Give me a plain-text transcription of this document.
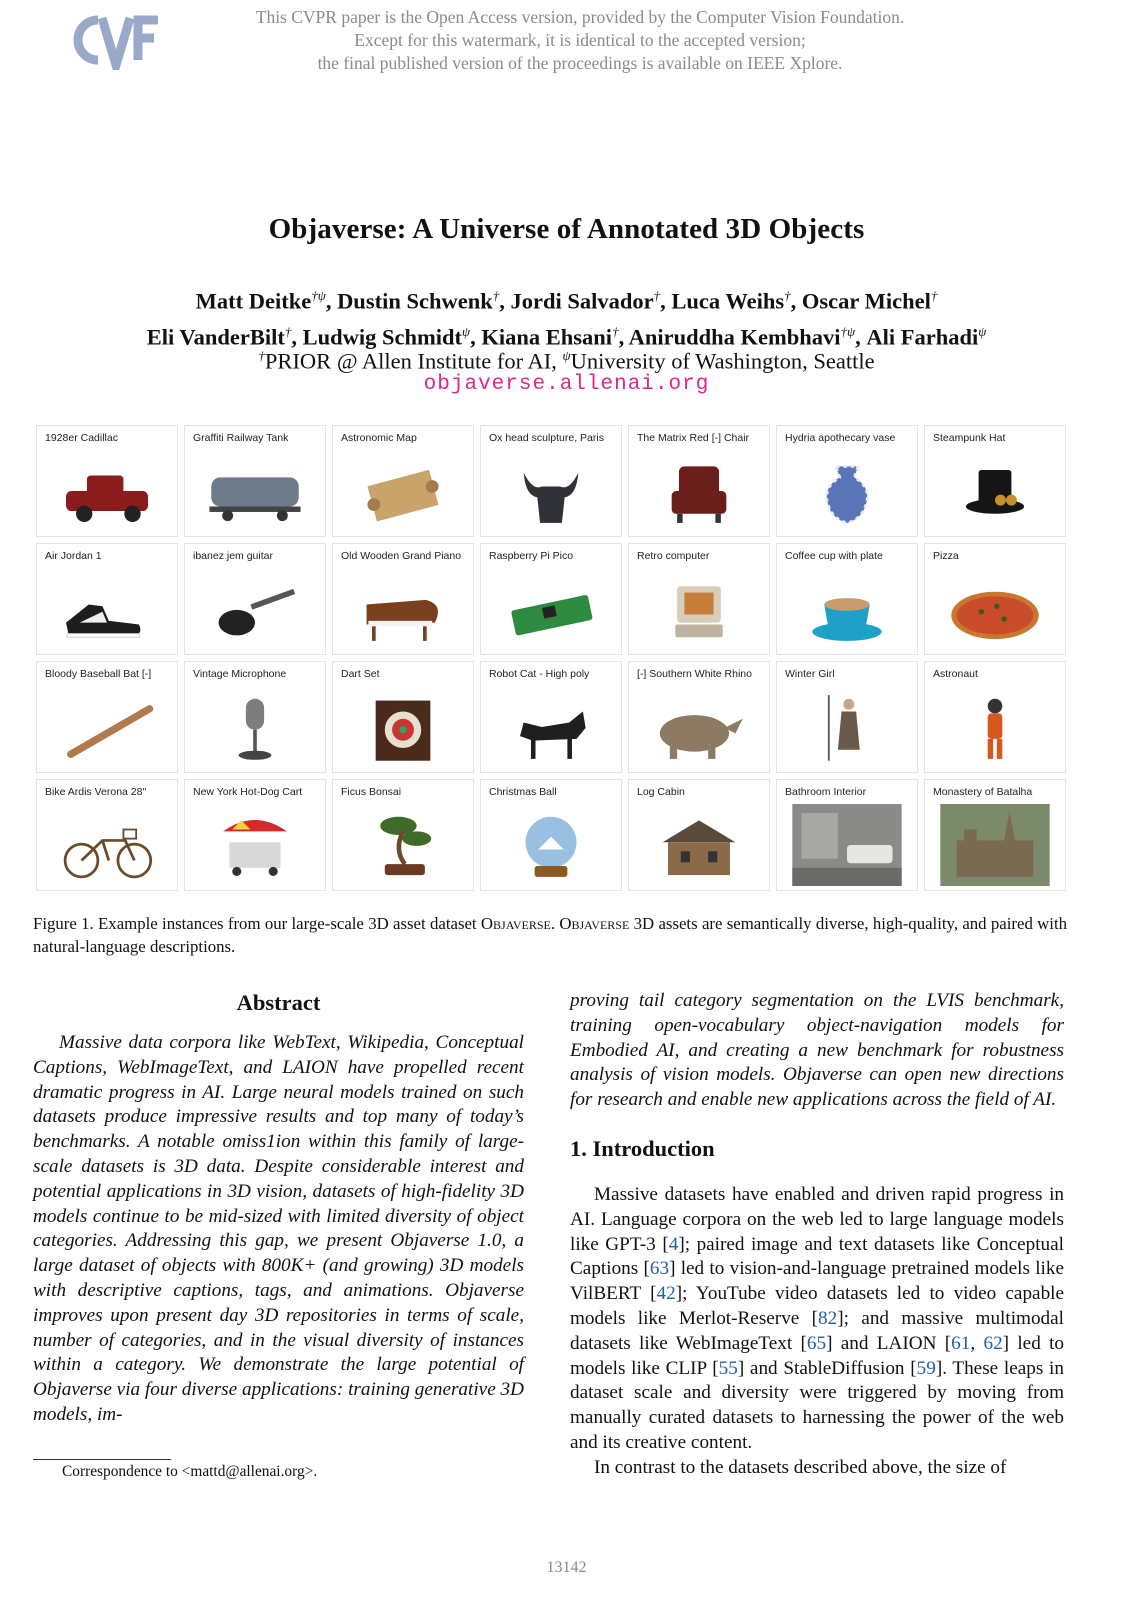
This CVPR paper is the Open Access version, provided by the Computer Vision Foundation.
Except for this watermark, it is identical to the accepted version;
the final published version of the proceedings is available on IEEE Xplore.
Objaverse: A Universe of Annotated 3D Objects
Matt Deitke$^{\dagger\psi}$, Dustin Schwenk†, Jordi Salvador†, Luca Weihs†, Oscar Michel†
Eli VanderBilt†, Ludwig Schmidt$^\psi$, Kiana Ehsani†, Aniruddha Kembhavi$^{\dagger\psi}$, Ali Farhadi$^\psi$
†PRIOR @ Allen Institute for AI, $^\psi$University of Washington, Seattle
objaverse.allenai.org
1928er Cadillac	Graffiti Railway Tank	Astronomic Map	Ox head sculpture, Paris	The Matrix Red [-] Chair	Hydria apothecary vase	Steampunk Hat
Air Jordan 1	ibanez jem guitar	Old Wooden Grand Piano	Raspberry Pi Pico	Retro computer	Coffee cup with plate	Pizza
Bloody Baseball Bat [-]	Vintage Microphone	Dart Set	Robot Cat - High poly	[-] Southern White Rhino	Winter Girl	Astronaut
Bike Ardis Verona 28"	New York Hot-Dog Cart	Ficus Bonsai	Christmas Ball	Log Cabin	Bathroom Interior	Monastery of Batalha
Figure 1. Example instances from our large-scale 3D asset dataset Objaverse. Objaverse 3D assets are semantically diverse, high-quality, and paired with natural-language descriptions.
Abstract
Massive data corpora like WebText, Wikipedia, Conceptual Captions, WebImageText, and LAION have propelled recent dramatic progress in AI. Large neural models trained on such datasets produce impressive results and top many of today’s benchmarks. A notable omiss1ion within this family of large-scale datasets is 3D data. Despite considerable interest and potential applications in 3D vision, datasets of high-fidelity 3D models continue to be mid-sized with limited diversity of object categories. Addressing this gap, we present Objaverse 1.0, a large dataset of objects with 800K+ (and growing) 3D models with descriptive captions, tags, and animations. Objaverse improves upon present day 3D repositories in terms of scale, number of categories, and in the visual diversity of instances within a category. We demonstrate the large potential of Objaverse via four diverse applications: training generative 3D models, im-
Correspondence to <mattd@allenai.org>.
proving tail category segmentation on the LVIS benchmark, training open-vocabulary object-navigation models for Embodied AI, and creating a new benchmark for robustness analysis of vision models. Objaverse can open new directions for research and enable new applications across the field of AI.
1. Introduction

Massive datasets have enabled and driven rapid progress in AI. Language corpora on the web led to large language models like GPT-3 [4]; paired image and text datasets like Conceptual Captions [63] led to vision-and-language pretrained models like VilBERT [42]; YouTube video datasets led to video capable models like Merlot-Reserve [82]; and massive multimodal datasets like WebImageText [65] and LAION [61, 62] led to models like CLIP [55] and StableDiffusion [59]. These leaps in dataset scale and diversity were triggered by moving from manually curated datasets to harnessing the power of the web and its creative content.

In contrast to the datasets described above, the size of

13142
